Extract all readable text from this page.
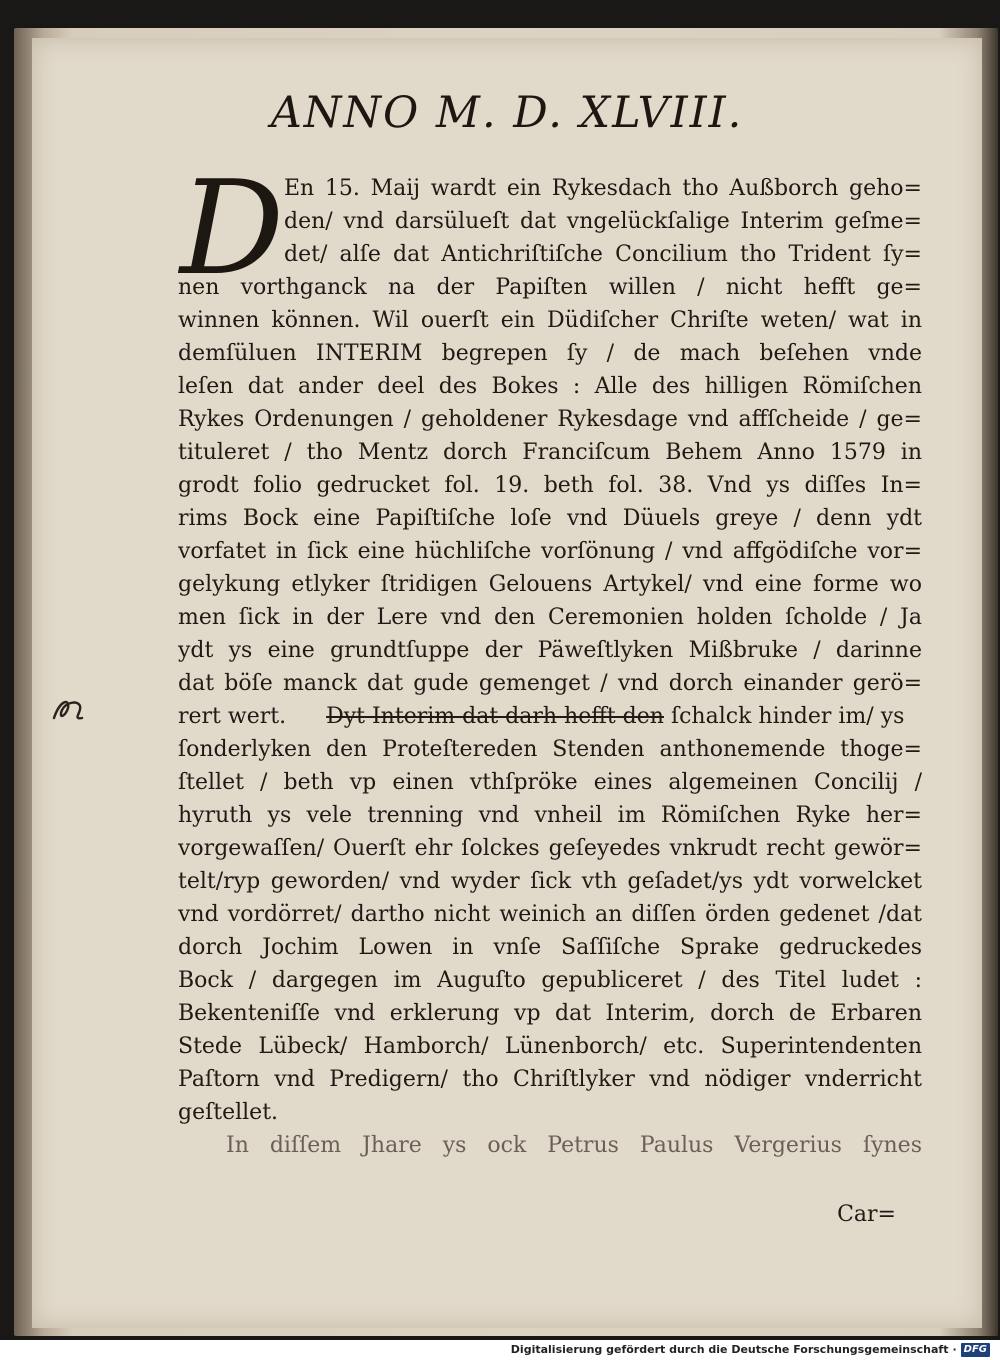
ANNO M. D. XLVIII.
D En 15. Maij wardt ein Rykesdach tho Außborch geho=
den/ vnd darsülueſt dat vngelückſalige Interim geſme=
det/ alſe dat Antichriſtiſche Concilium tho Trident ſy=
nen vorthganck na der Papiſten willen / nicht hefft ge=
winnen können. Wil ouerſt ein Düdiſcher Chriſte weten/ wat in
demſüluen INTERIM begrepen ſy / de mach beſehen vnde
leſen dat ander deel des Bokes : Alle des hilligen Römiſchen
Rykes Ordenungen / geholdener Rykesdage vnd affſcheide / ge=
tituleret / tho Mentz dorch Franciſcum Behem Anno 1579 in
grodt folio gedrucket fol. 19. beth fol. 38. Vnd ys diſſes In=
rims Bock eine Papiſtiſche loſe vnd Düuels greye / denn ydt
vorfatet in ſick eine hüchliſche vorſönung / vnd affgödiſche vor=
gelykung etlyker ſtridigen Gelouens Artykel/ vnd eine forme wo
men ſick in der Lere vnd den Ceremonien holden ſcholde / Ja
ydt ys eine grundtſuppe der Päweſtlyken Mißbruke / darinne
dat böſe manck dat gude gemenget / vnd dorch einander gerö=
rert wert. Dyt Interim dat darh hefft den ſchalck hinder im/ ys
ſonderlyken den Proteſtereden Stenden anthonemende thoge=
ſtellet / beth vp einen vthſpröke eines algemeinen Concilij /
hyruth ys vele trenning vnd vnheil im Römiſchen Ryke her=
vorgewaſſen/ Ouerſt ehr ſolckes geſeyedes vnkrudt recht gewör=
telt/ryp geworden/ vnd wyder ſick vth geſadet/ys ydt vorwelcket
vnd vordörret/ dartho nicht weinich an diſſen örden gedenet /dat
dorch Jochim Lowen in vnſe Saſſiſche Sprake gedruckedes
Bock / dargegen im Auguſto gepubliceret / des Titel ludet :
Bekenteniſſe vnd erklerung vp dat Interim, dorch de Erbaren
Stede Lübeck/ Hamborch/ Lünenborch/ etc. Superintendenten
Paſtorn vnd Predigern/ tho Chriſtlyker vnd nödiger vnderricht
geſtellet.
In diſſem Jhare ys ock Petrus Paulus Vergerius ſynes
Car=
Digitalisierung gefördert durch die Deutsche Forschungsgemeinschaft · DFG
